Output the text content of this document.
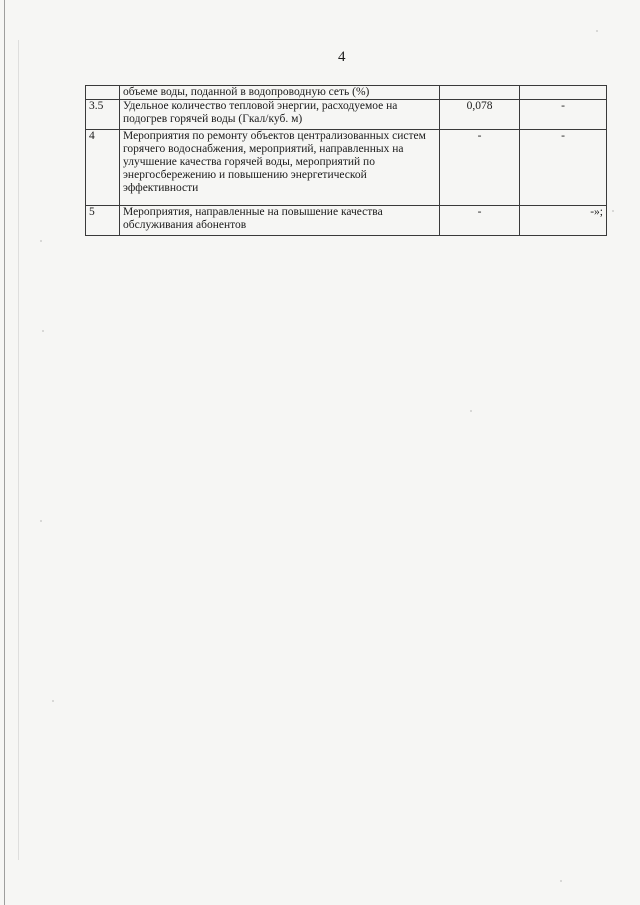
4
	объеме воды, поданной в водопроводную сеть (%)		
3.5	Удельное количество тепловой энергии, расходуемое на подогрев горячей воды (Гкал/куб. м)	0,078	-
4	Мероприятия по ремонту объектов централизованных систем горячего водоснабжения, мероприятий, направленных на улучшение качества горячей воды, мероприятий по энергосбережению и повышению энергетической эффективности	-	-
5	Мероприятия, направленные на повышение качества обслуживания абонентов	-	-»;
